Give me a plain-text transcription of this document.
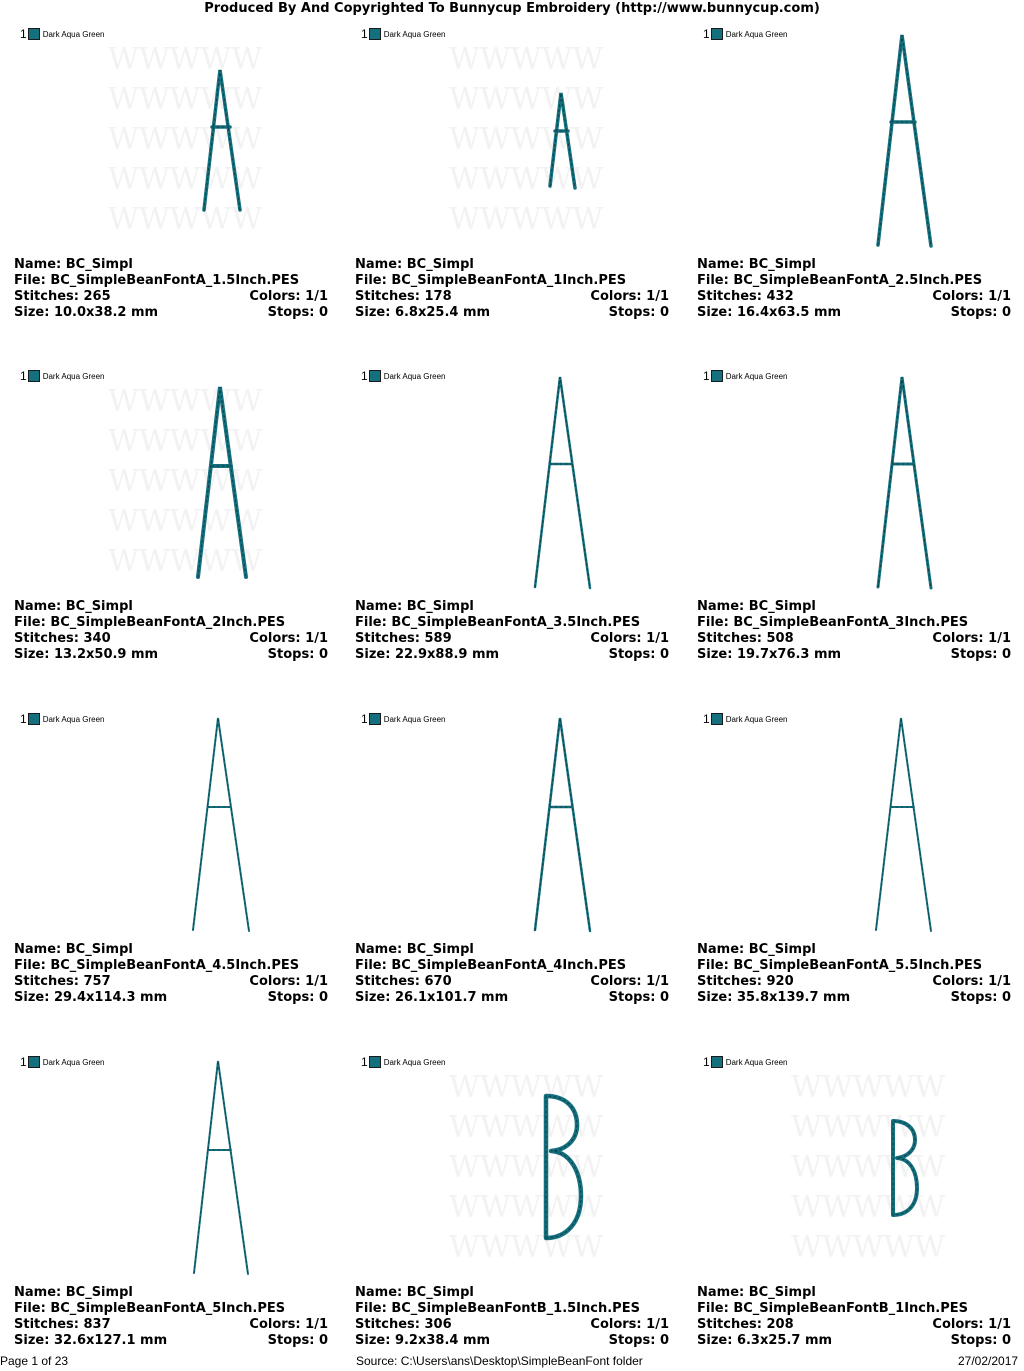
Produced By And Copyrighted To Bunnycup Embroidery (http://www.bunnycup.com)
1 Dark Aqua Green
WWWWW
WWWWW
WWWWW
WWWWW
WWWWW
Name: BC_Simpl
File: BC_SimpleBeanFontA_1.5Inch.PES
Stitches: 265	Colors: 1/1
Size: 10.0x38.2 mm	Stops: 0
1 Dark Aqua Green
WWWWW
WWWWW
WWWWW
WWWWW
WWWWW
Name: BC_Simpl
File: BC_SimpleBeanFontA_1Inch.PES
Stitches: 178	Colors: 1/1
Size: 6.8x25.4 mm	Stops: 0
1 Dark Aqua Green
Name: BC_Simpl
File: BC_SimpleBeanFontA_2.5Inch.PES
Stitches: 432	Colors: 1/1
Size: 16.4x63.5 mm	Stops: 0
1 Dark Aqua Green
WWWWW
WWWWW
WWWWW
WWWWW
WWWWW
Name: BC_Simpl
File: BC_SimpleBeanFontA_2Inch.PES
Stitches: 340	Colors: 1/1
Size: 13.2x50.9 mm	Stops: 0
1 Dark Aqua Green
Name: BC_Simpl
File: BC_SimpleBeanFontA_3.5Inch.PES
Stitches: 589	Colors: 1/1
Size: 22.9x88.9 mm	Stops: 0
1 Dark Aqua Green
Name: BC_Simpl
File: BC_SimpleBeanFontA_3Inch.PES
Stitches: 508	Colors: 1/1
Size: 19.7x76.3 mm	Stops: 0
1 Dark Aqua Green
Name: BC_Simpl
File: BC_SimpleBeanFontA_4.5Inch.PES
Stitches: 757	Colors: 1/1
Size: 29.4x114.3 mm	Stops: 0
1 Dark Aqua Green
Name: BC_Simpl
File: BC_SimpleBeanFontA_4Inch.PES
Stitches: 670	Colors: 1/1
Size: 26.1x101.7 mm	Stops: 0
1 Dark Aqua Green
Name: BC_Simpl
File: BC_SimpleBeanFontA_5.5Inch.PES
Stitches: 920	Colors: 1/1
Size: 35.8x139.7 mm	Stops: 0
1 Dark Aqua Green
Name: BC_Simpl
File: BC_SimpleBeanFontA_5Inch.PES
Stitches: 837	Colors: 1/1
Size: 32.6x127.1 mm	Stops: 0
1 Dark Aqua Green
WWWWW
WWWWW
WWWWW
WWWWW
WWWWW
Name: BC_Simpl
File: BC_SimpleBeanFontB_1.5Inch.PES
Stitches: 306	Colors: 1/1
Size: 9.2x38.4 mm	Stops: 0
1 Dark Aqua Green
WWWWW
WWWWW
WWWWW
WWWWW
WWWWW
Name: BC_Simpl
File: BC_SimpleBeanFontB_1Inch.PES
Stitches: 208	Colors: 1/1
Size: 6.3x25.7 mm	Stops: 0
Page 1 of 23	Source: C:\Users\ans\Desktop\SimpleBeanFont folder	27/02/2017
